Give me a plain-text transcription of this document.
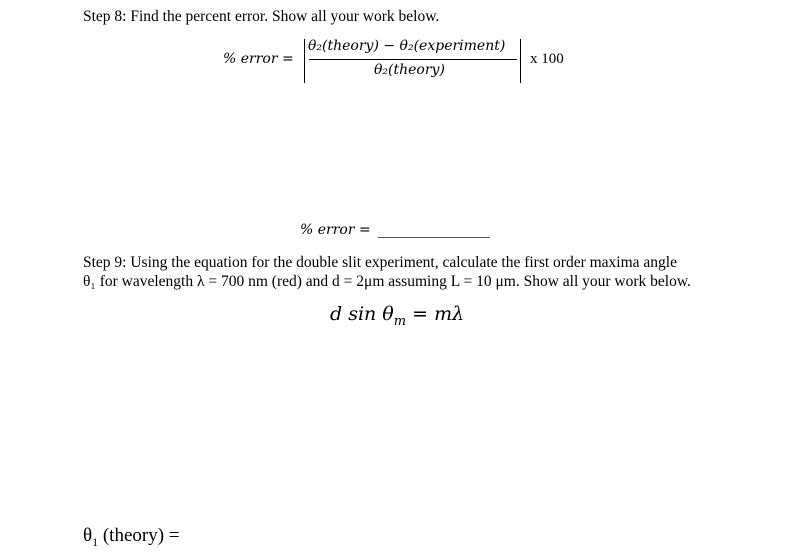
Step 8: Find the percent error. Show all your work below.
% error =
θ₂(theory) − θ₂(experiment)
θ₂(theory)
x 100
% error =
Step 9: Using the equation for the double slit experiment, calculate the first order maxima angle
θ₁ for wavelength λ = 700 nm (red) and d = 2μm assuming L = 10 μm. Show all your work below.
d $\sin \theta_m = m\lambda$
$\theta_1$ (theory) =
